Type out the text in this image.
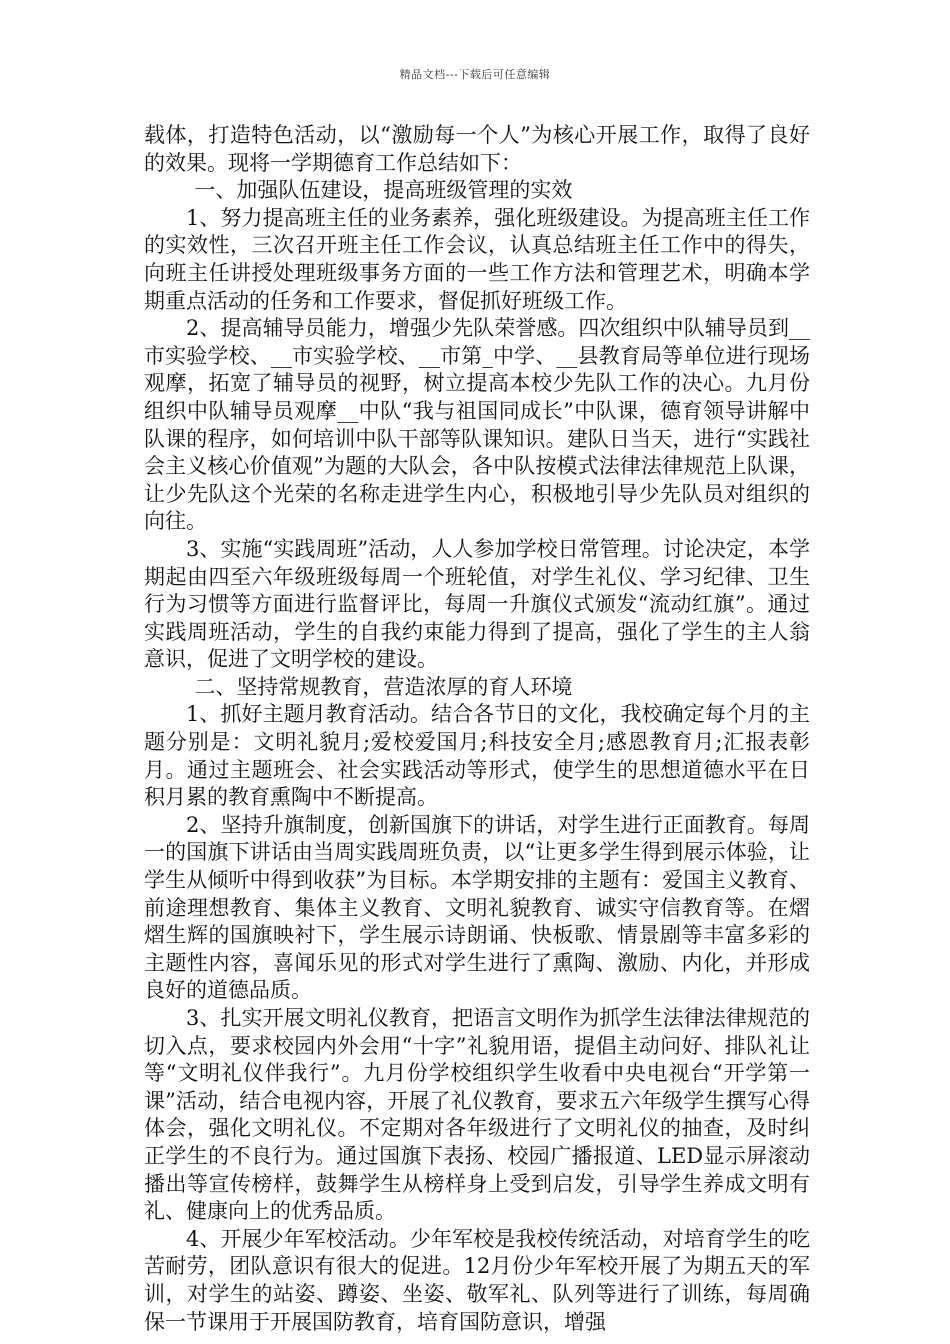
精品文档---下载后可任意编辑

载体，打造特色活动，以“激励每一个人”为核心开展工作，取得了良好的效果。现将一学期德育工作总结如下：

一、加强队伍建设，提高班级管理的实效

1、努力提高班主任的业务素养，强化班级建设。为提高班主任工作的实效性，三次召开班主任工作会议，认真总结班主任工作中的得失，向班主任讲授处理班级事务方面的一些工作方法和管理艺术，明确本学期重点活动的任务和工作要求，督促抓好班级工作。

2、提高辅导员能力，增强少先队荣誉感。四次组织中队辅导员到__市实验学校、__市实验学校、__市第_中学、__县教育局等单位进行现场观摩，拓宽了辅导员的视野，树立提高本校少先队工作的决心。九月份组织中队辅导员观摩__中队“我与祖国同成长”中队课，德育领导讲解中队课的程序，如何培训中队干部等队课知识。建队日当天，进行“实践社会主义核心价值观”为题的大队会，各中队按模式法律法律规范上队课，让少先队这个光荣的名称走进学生内心，积极地引导少先队员对组织的向往。

3、实施“实践周班”活动，人人参加学校日常管理。讨论决定，本学期起由四至六年级班级每周一个班轮值，对学生礼仪、学习纪律、卫生行为习惯等方面进行监督评比，每周一升旗仪式颁发“流动红旗”。通过实践周班活动，学生的自我约束能力得到了提高，强化了学生的主人翁意识，促进了文明学校的建设。

二、坚持常规教育，营造浓厚的育人环境

1、抓好主题月教育活动。结合各节日的文化，我校确定每个月的主题分别是：文明礼貌月;爱校爱国月;科技安全月;感恩教育月;汇报表彰月。通过主题班会、社会实践活动等形式，使学生的思想道德水平在日积月累的教育熏陶中不断提高。

2、坚持升旗制度，创新国旗下的讲话，对学生进行正面教育。每周一的国旗下讲话由当周实践周班负责，以“让更多学生得到展示体验，让学生从倾听中得到收获”为目标。本学期安排的主题有：爱国主义教育、前途理想教育、集体主义教育、文明礼貌教育、诚实守信教育等。在熠熠生辉的国旗映衬下，学生展示诗朗诵、快板歌、情景剧等丰富多彩的主题性内容，喜闻乐见的形式对学生进行了熏陶、激励、内化，并形成良好的道德品质。

3、扎实开展文明礼仪教育，把语言文明作为抓学生法律法律规范的切入点，要求校园内外会用“十字”礼貌用语，提倡主动问好、排队礼让等“文明礼仪伴我行”。九月份学校组织学生收看中央电视台“开学第一课”活动，结合电视内容，开展了礼仪教育，要求五六年级学生撰写心得体会，强化文明礼仪。不定期对各年级进行了文明礼仪的抽查，及时纠正学生的不良行为。通过国旗下表扬、校园广播报道、LED显示屏滚动播出等宣传榜样，鼓舞学生从榜样身上受到启发，引导学生养成文明有礼、健康向上的优秀品质。

4、开展少年军校活动。少年军校是我校传统活动，对培育学生的吃苦耐劳，团队意识有很大的促进。12月份少年军校开展了为期五天的军训，对学生的站姿、蹲姿、坐姿、敬军礼、队列等进行了训练，每周确保一节课用于开展国防教育，培育国防意识，增强
